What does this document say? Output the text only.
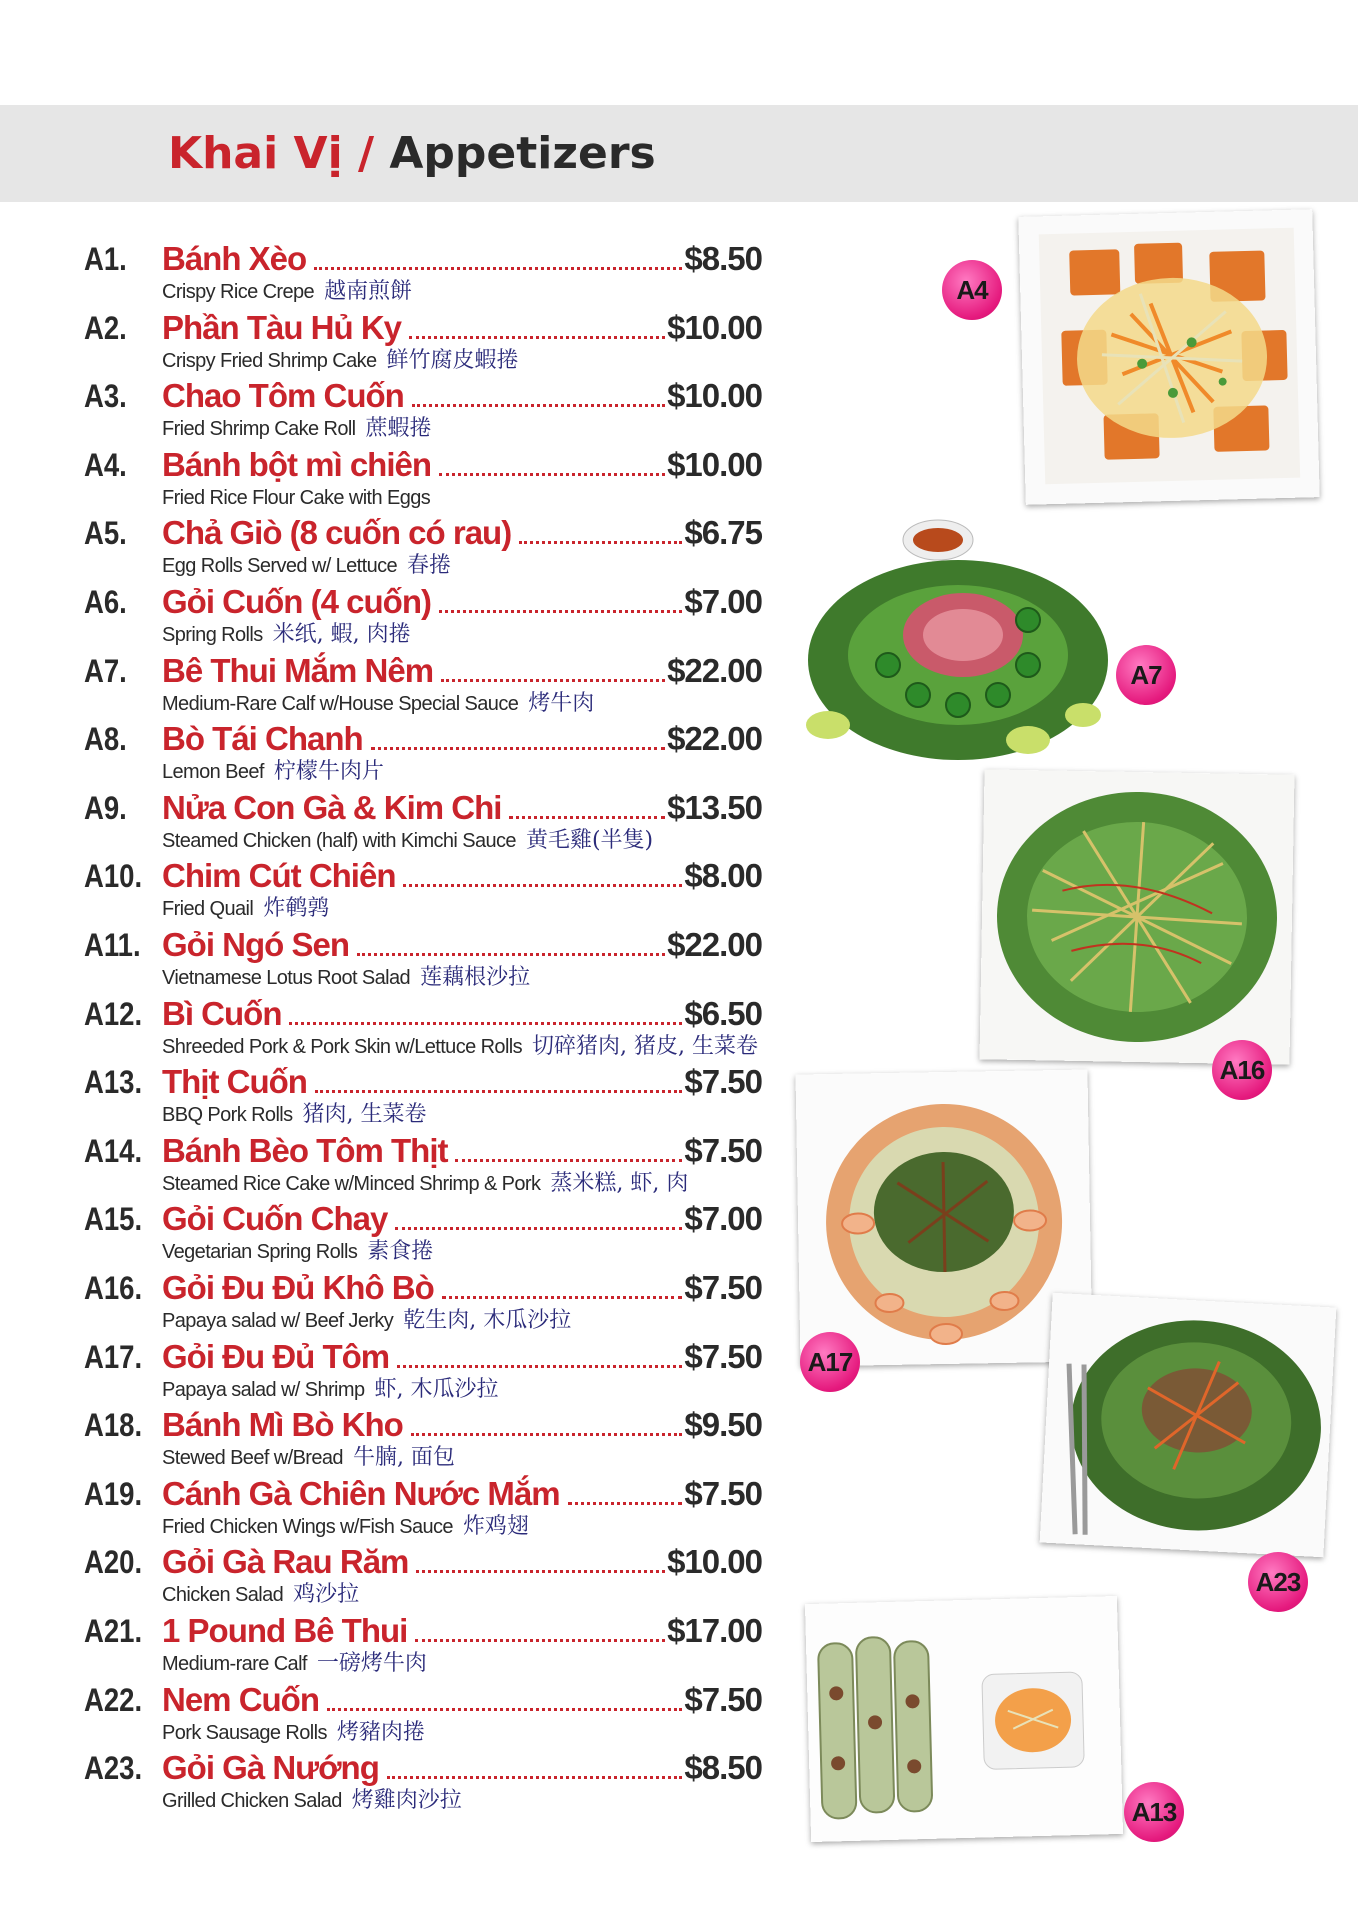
Khai Vị / Appetizers
A1. Bánh Xèo	$8.50
Crispy Rice Crepe 越南煎餅
A2. Phần Tàu Hủ Ky	$10.00
Crispy Fried Shrimp Cake 鲜竹腐皮蝦捲
A3. Chao Tôm Cuốn	$10.00
Fried Shrimp Cake Roll 蔗蝦捲
A4. Bánh bột mì chiên	$10.00
Fried Rice Flour Cake with Eggs
A5. Chả Giò (8 cuốn có rau)	$6.75
Egg Rolls Served w/ Lettuce 春捲
A6. Gỏi Cuốn (4 cuốn)	$7.00
Spring Rolls 米纸, 蝦, 肉捲
A7. Bê Thui Mắm Nêm	$22.00
Medium-Rare Calf w/House Special Sauce 烤牛肉
A8. Bò Tái Chanh	$22.00
Lemon Beef 柠檬牛肉片
A9. Nửa Con Gà & Kim Chi	$13.50
Steamed Chicken (half) with Kimchi Sauce 黄毛雞(半隻)
A10. Chim Cút Chiên	$8.00
Fried Quail 炸鹌鹑
A11. Gỏi Ngó Sen	$22.00
Vietnamese Lotus Root Salad 莲藕根沙拉
A12. Bì Cuốn	$6.50
Shreeded Pork & Pork Skin w/Lettuce Rolls 切碎猪肉, 猪皮, 生菜卷
A13. Thịt Cuốn	$7.50
BBQ Pork Rolls 猪肉, 生菜卷
A14. Bánh Bèo Tôm Thịt	$7.50
Steamed Rice Cake w/Minced Shrimp & Pork 蒸米糕, 虾, 肉
A15. Gỏi Cuốn Chay	$7.00
Vegetarian Spring Rolls 素食捲
A16. Gỏi Đu Đủ Khô Bò	$7.50
Papaya salad w/ Beef Jerky 乾生肉, 木瓜沙拉
A17. Gỏi Đu Đủ Tôm	$7.50
Papaya salad w/ Shrimp 虾, 木瓜沙拉
A18. Bánh Mì Bò Kho	$9.50
Stewed Beef w/Bread 牛腩, 面包
A19. Cánh Gà Chiên Nước Mắm	$7.50
Fried Chicken Wings w/Fish Sauce 炸鸡翅
A20. Gỏi Gà Rau Răm	$10.00
Chicken Salad 鸡沙拉
A21. 1 Pound Bê Thui	$17.00
Medium-rare Calf 一磅烤牛肉
A22. Nem Cuốn	$7.50
Pork Sausage Rolls 烤豬肉捲
A23. Gỏi Gà Nướng	$8.50
Grilled Chicken Salad 烤雞肉沙拉
A4
A7
A16
A17
A23
A13
